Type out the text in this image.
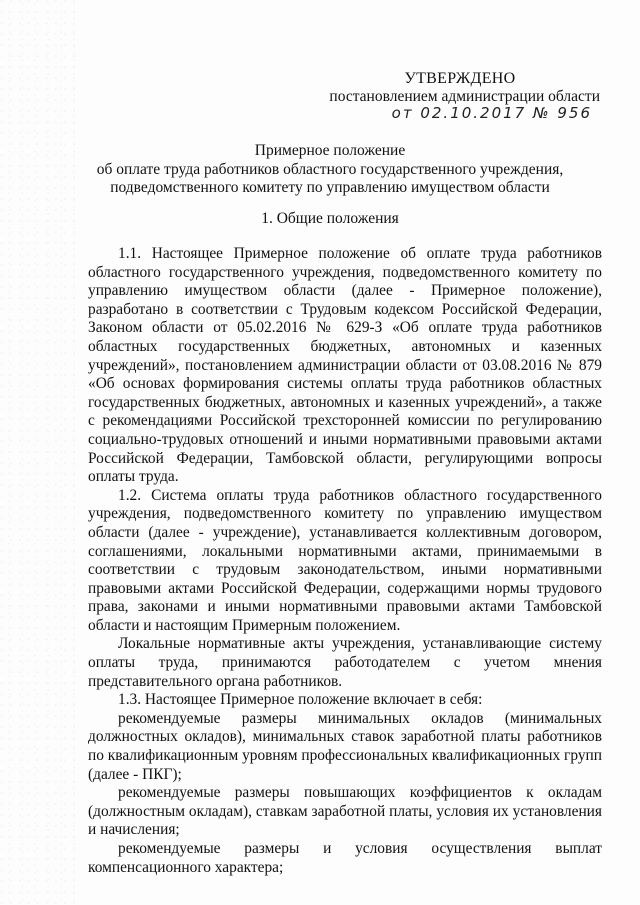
УТВЕРЖДЕНО
постановлением администрации области
от 02.10.2017 № 956
Примерное положение
об оплате труда работников областного государственного учреждения, подведомственного комитету по управлению имуществом области
1. Общие положения

1.1. Настоящее Примерное положение об оплате труда работников областного государственного учреждения, подведомственного комитету по управлению имуществом области (далее - Примерное положение), разработано в соответствии с Трудовым кодексом Российской Федерации, Законом области от 05.02.2016 № 629-З «Об оплате труда работников областных государственных бюджетных, автономных и казенных учреждений», постановлением администрации области от 03.08.2016 № 879 «Об основах формирования системы оплаты труда работников областных государственных бюджетных, автономных и казенных учреждений», а также с рекомендациями Российской трехсторонней комиссии по регулированию социально-трудовых отношений и иными нормативными правовыми актами Российской Федерации, Тамбовской области, регулирующими вопросы оплаты труда.

1.2. Система оплаты труда работников областного государственного учреждения, подведомственного комитету по управлению имуществом области (далее - учреждение), устанавливается коллективным договором, соглашениями, локальными нормативными актами, принимаемыми в соответствии с трудовым законодательством, иными нормативными правовыми актами Российской Федерации, содержащими нормы трудового права, законами и иными нормативными правовыми актами Тамбовской области и настоящим Примерным положением.

Локальные нормативные акты учреждения, устанавливающие систему оплаты труда, принимаются работодателем с учетом мнения представительного органа работников.

1.3. Настоящее Примерное положение включает в себя:

рекомендуемые размеры минимальных окладов (минимальных должностных окладов), минимальных ставок заработной платы работников по квалификационным уровням профессиональных квалификационных групп (далее - ПКГ);

рекомендуемые размеры повышающих коэффициентов к окладам (должностным окладам), ставкам заработной платы, условия их установления и начисления;

рекомендуемые размеры и условия осуществления выплат компенсационного характера;
